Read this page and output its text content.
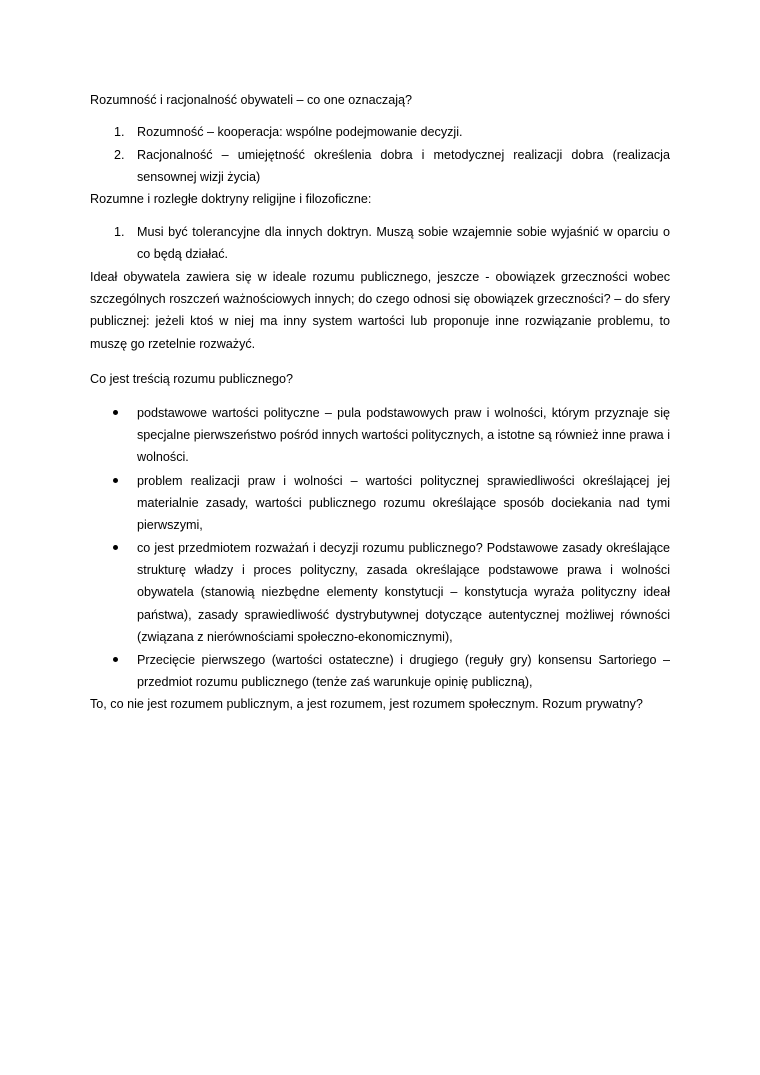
Rozumność i racjonalność obywateli – co one oznaczają?

1. Rozumność – kooperacja: wspólne podejmowanie decyzji.
2. Racjonalność – umiejętność określenia dobra i metodycznej realizacji dobra (realizacja sensownej wizji życia)

Rozumne i rozległe doktryny religijne i filozoficzne:

1. Musi być tolerancyjne dla innych doktryn. Muszą sobie wzajemnie sobie wyjaśnić w oparciu o co będą działać.

Ideał obywatela zawiera się w ideale rozumu publicznego, jeszcze - obowiązek grzeczności wobec szczególnych roszczeń ważnościowych innych; do czego odnosi się obowiązek grzeczności? – do sfery publicznej: jeżeli ktoś w niej ma inny system wartości lub proponuje inne rozwiązanie problemu, to muszę go rzetelnie rozważyć.

Co jest treścią rozumu publicznego?

podstawowe wartości polityczne – pula podstawowych praw i wolności, którym przyznaje się specjalne pierwszeństwo pośród innych wartości politycznych, a istotne są również inne prawa i wolności.
problem realizacji praw i wolności – wartości politycznej sprawiedliwości określającej jej materialnie zasady, wartości publicznego rozumu określające sposób dociekania nad tymi pierwszymi,
co jest przedmiotem rozważań i decyzji rozumu publicznego? Podstawowe zasady określające strukturę władzy i proces polityczny, zasada określające podstawowe prawa i wolności obywatela (stanowią niezbędne elementy konstytucji – konstytucja wyraża polityczny ideał państwa), zasady sprawiedliwość dystrybutywnej dotyczące autentycznej możliwej równości (związana z nierównościami społeczno-ekonomicznymi),
Przecięcie pierwszego (wartości ostateczne) i drugiego (reguły gry) konsensu Sartoriego – przedmiot rozumu publicznego (tenże zaś warunkuje opinię publiczną),

To, co nie jest rozumem publicznym, a jest rozumem, jest rozumem społecznym. Rozum prywatny?
